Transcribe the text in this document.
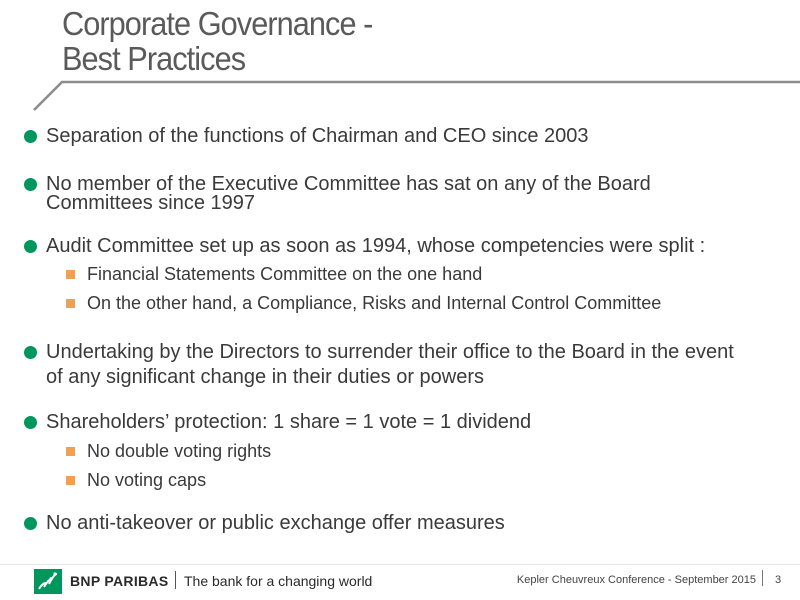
Corporate Governance -
Best Practices
Separation of the functions of Chairman and CEO since 2003
No member of the Executive Committee has sat on any of the Board
Committees since 1997
Audit Committee set up as soon as 1994, whose competencies were split :
Financial Statements Committee on the one hand
On the other hand, a Compliance, Risks and Internal Control Committee
Undertaking by the Directors to surrender their office to the Board in the event
of any significant change in their duties or powers
Shareholders’ protection: 1 share = 1 vote = 1 dividend
No double voting rights
No voting caps
No anti-takeover or public exchange offer measures
BNP PARIBAS The bank for a changing world	Kepler Cheuvreux Conference - September 2015 3
